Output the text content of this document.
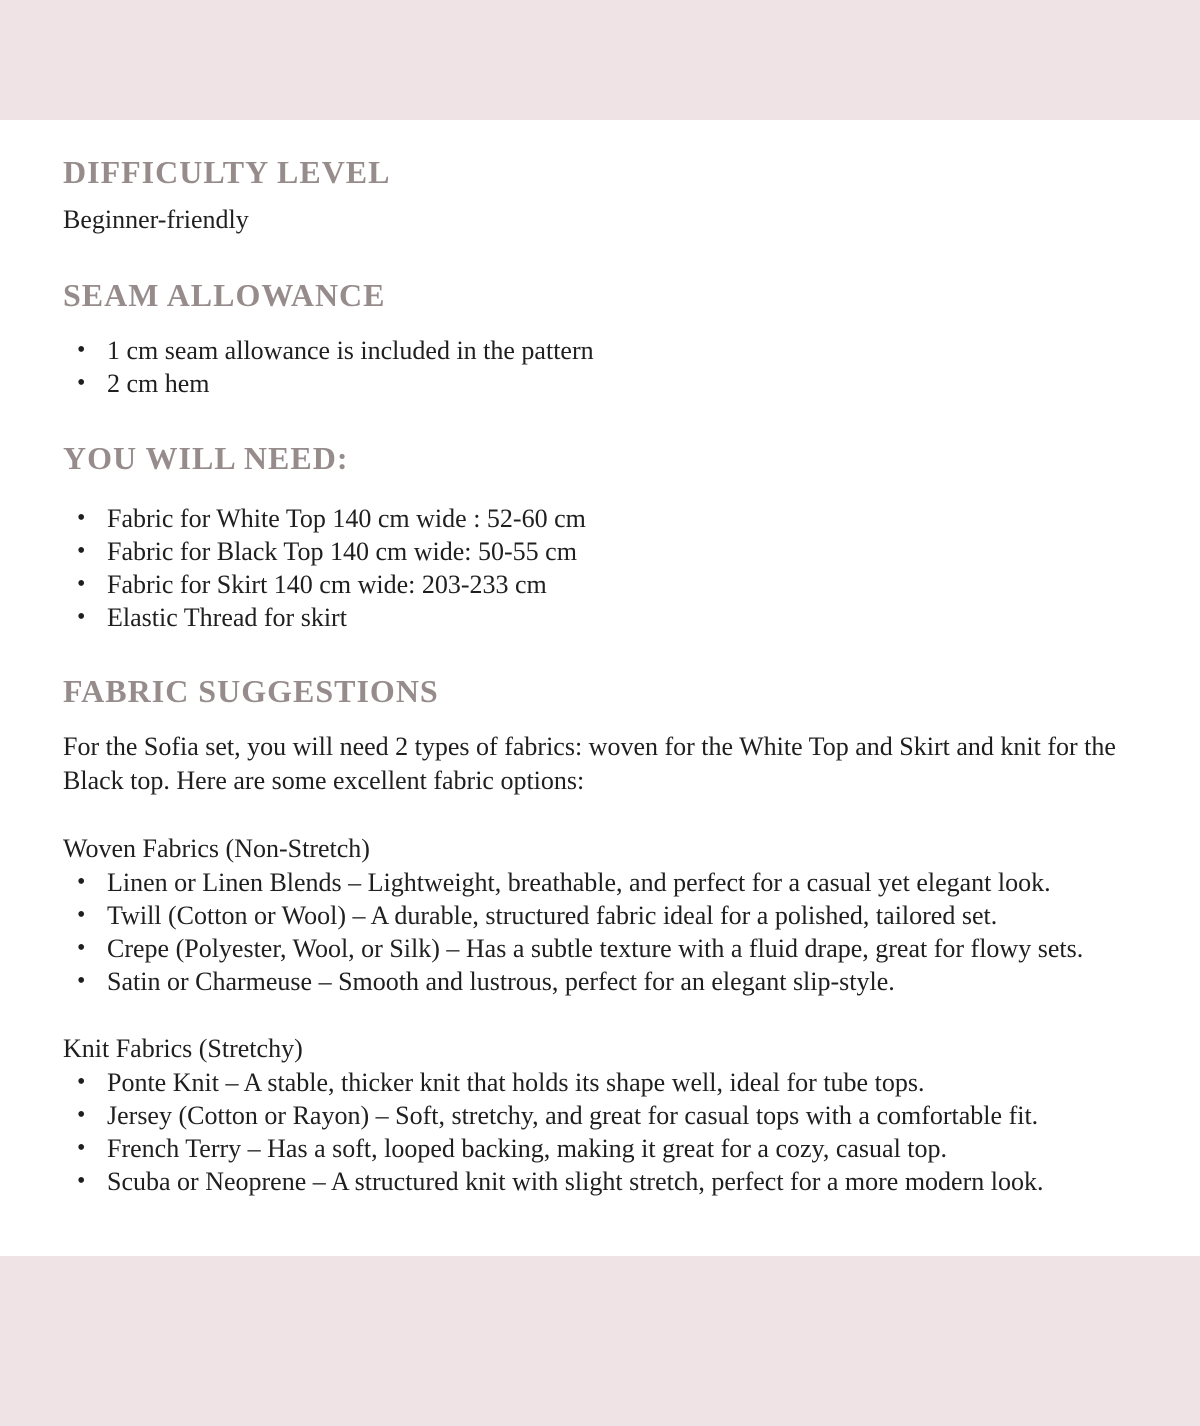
DIFFICULTY LEVEL

Beginner-friendly

SEAM ALLOWANCE
• 1 cm seam allowance is included in the pattern
• 2 cm hem
YOU WILL NEED:
• Fabric for White Top 140 cm wide : 52-60 cm
• Fabric for Black Top 140 cm wide: 50-55 cm
• Fabric for Skirt 140 cm wide: 203-233 cm
• Elastic Thread for skirt
FABRIC SUGGESTIONS

For the Sofia set, you will need 2 types of fabrics: woven for the White Top and Skirt and knit for the Black top. Here are some excellent fabric options:

Woven Fabrics (Non-Stretch)

• Linen or Linen Blends – Lightweight, breathable, and perfect for a casual yet elegant look.
• Twill (Cotton or Wool) – A durable, structured fabric ideal for a polished, tailored set.
• Crepe (Polyester, Wool, or Silk) – Has a subtle texture with a fluid drape, great for flowy sets.
• Satin or Charmeuse – Smooth and lustrous, perfect for an elegant slip-style.

Knit Fabrics (Stretchy)

• Ponte Knit – A stable, thicker knit that holds its shape well, ideal for tube tops.
• Jersey (Cotton or Rayon) – Soft, stretchy, and great for casual tops with a comfortable fit.
• French Terry – Has a soft, looped backing, making it great for a cozy, casual top.
• Scuba or Neoprene – A structured knit with slight stretch, perfect for a more modern look.
